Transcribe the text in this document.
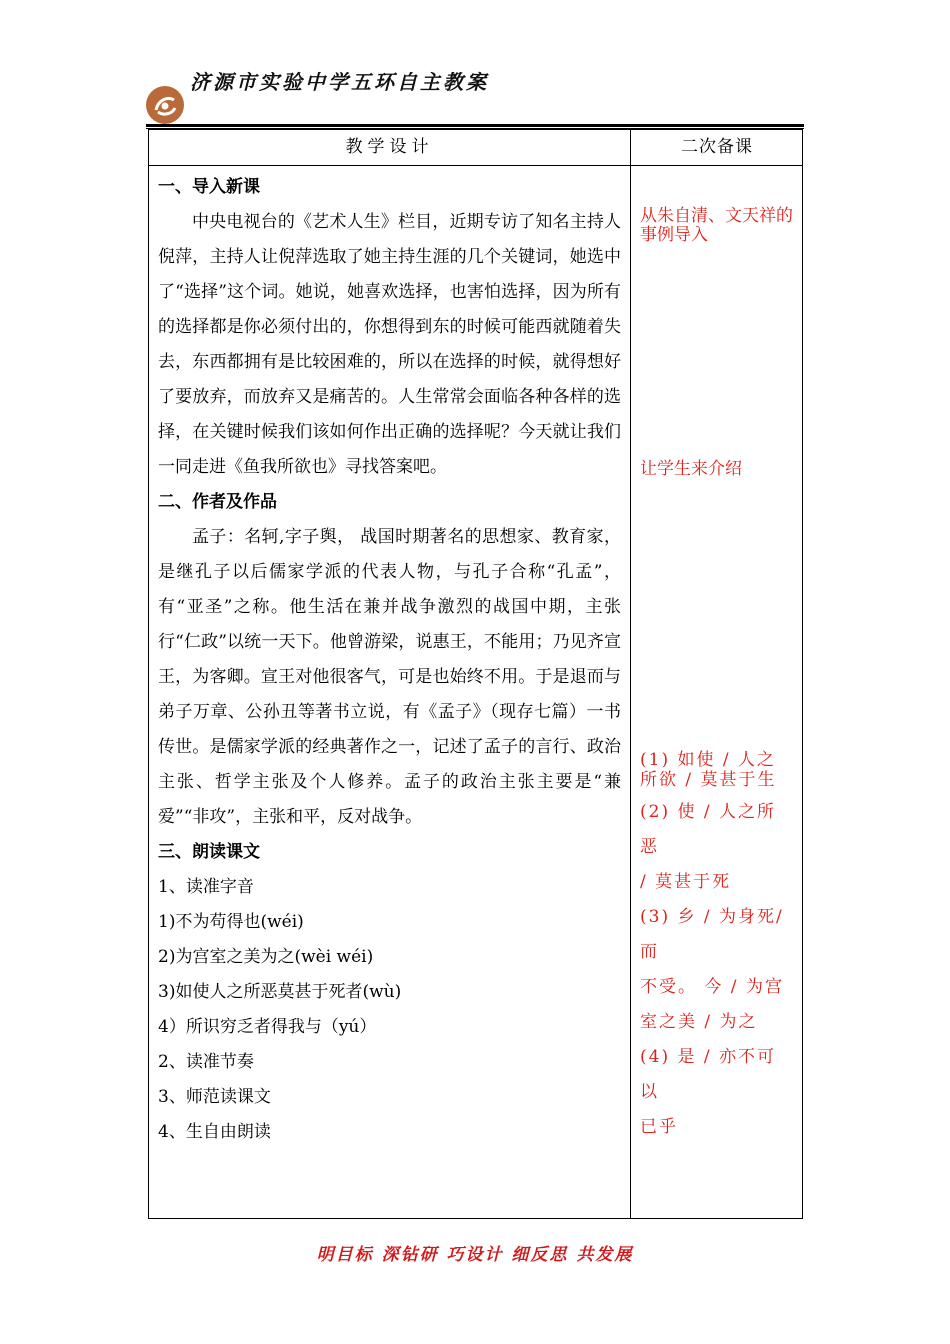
济源市实验中学五环自主教案
教学设计	二次备课

一、导入新课

中央电视台的《艺术人生》栏目，近期专访了知名主持人倪萍，主持人让倪萍选取了她主持生涯的几个关键词，她选中了“选择”这个词。她说，她喜欢选择，也害怕选择，因为所有的选择都是你必须付出的，你想得到东的时候可能西就随着失去，东西都拥有是比较困难的，所以在选择的时候，就得想好了要放弃，而放弃又是痛苦的。人生常常会面临各种各样的选择，在关键时候我们该如何作出正确的选择呢？今天就让我们一同走进《鱼我所欲也》寻找答案吧。

二、作者及作品

孟子：名轲,字子舆， 战国时期著名的思想家、教育家，是继孔子以后儒家学派的代表人物，与孔子合称“孔孟”，有“亚圣”之称。他生活在兼并战争激烈的战国中期，主张行“仁政”以统一天下。他曾游梁，说惠王，不能用；乃见齐宣王，为客卿。宣王对他很客气，可是也始终不用。于是退而与弟子万章、公孙丑等著书立说，有《孟子》（现存七篇）一书传世。是儒家学派的经典著作之一，记述了孟子的言行、政治主张、哲学主张及个人修养。孟子的政治主张主要是“兼爱”“非攻”，主张和平，反对战争。

三、朗读课文

1、读准字音

1)不为苟得也(wéi)

2)为宫室之美为之(wèi wéi)

3)如使人之所恶莫甚于死者(wù)

4）所识穷乏者得我与（yú）

2、读准节奏

3、师范读课文

4、生自由朗读

从朱自清、文天祥的事例导入

让学生来介绍

(1) 如使 / 人之所欲 / 莫甚于生

(2) 使 / 人之所恶

/ 莫甚于死

(3) 乡 / 为身死/而

不受。 今 / 为宫

室之美 / 为之

(4) 是 / 亦不可以

已乎

明目标 深钻研 巧设计 细反思 共发展
